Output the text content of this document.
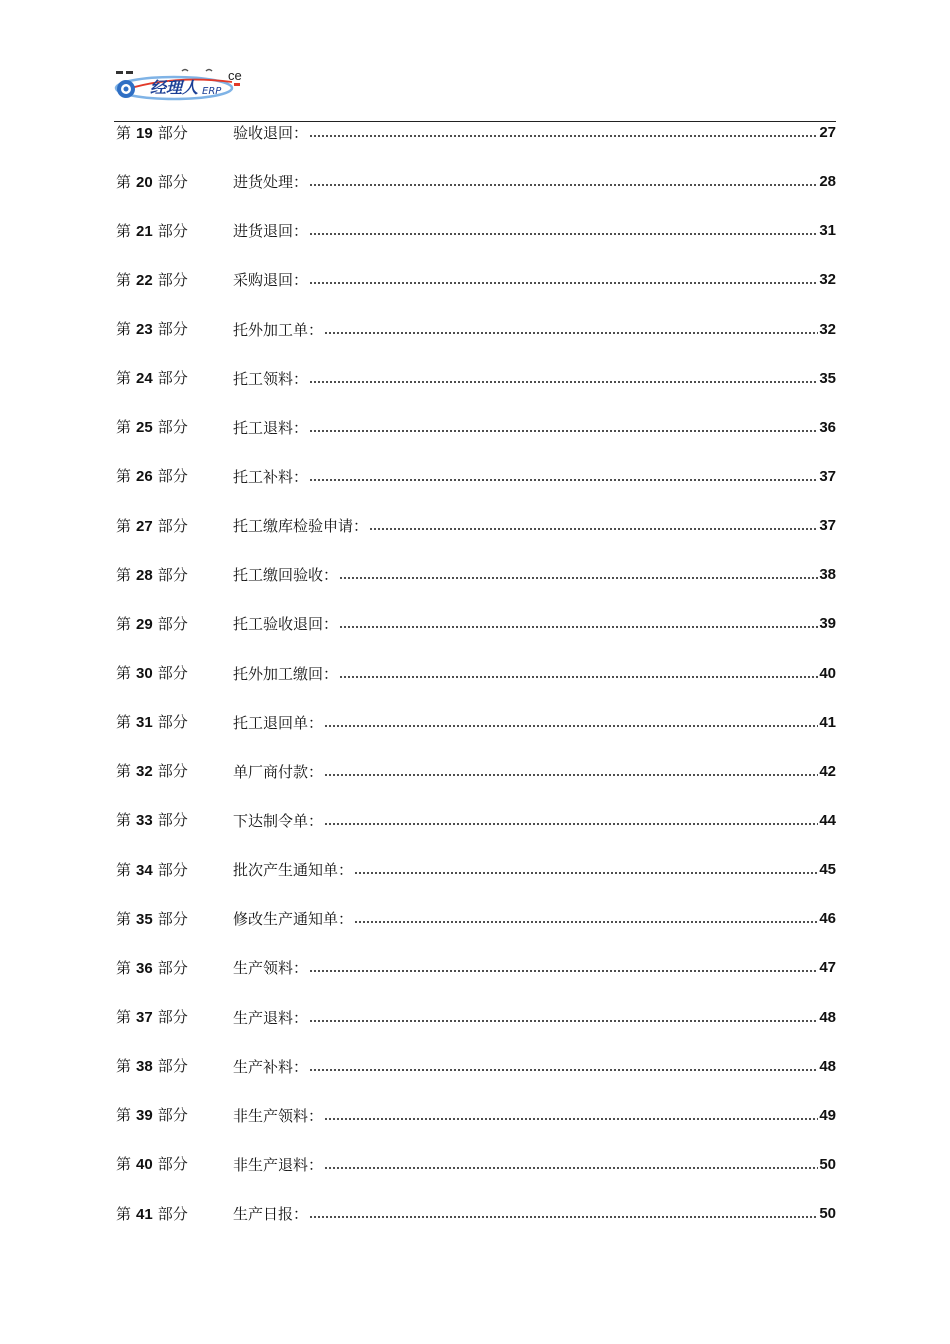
经理人 ERP
ce
第 19 部分	验收退回：	27
第 20 部分	进货处理：	28
第 21 部分	进货退回：	31
第 22 部分	采购退回：	32
第 23 部分	托外加工单：	32
第 24 部分	托工领料：	35
第 25 部分	托工退料：	36
第 26 部分	托工补料：	37
第 27 部分	托工缴库检验申请：	37
第 28 部分	托工缴回验收：	38
第 29 部分	托工验收退回：	39
第 30 部分	托外加工缴回：	40
第 31 部分	托工退回单：	41
第 32 部分	单厂商付款：	42
第 33 部分	下达制令单：	44
第 34 部分	批次产生通知单：	45
第 35 部分	修改生产通知单：	46
第 36 部分	生产领料：	47
第 37 部分	生产退料：	48
第 38 部分	生产补料：	48
第 39 部分	非生产领料：	49
第 40 部分	非生产退料：	50
第 41 部分	生产日报：	50
